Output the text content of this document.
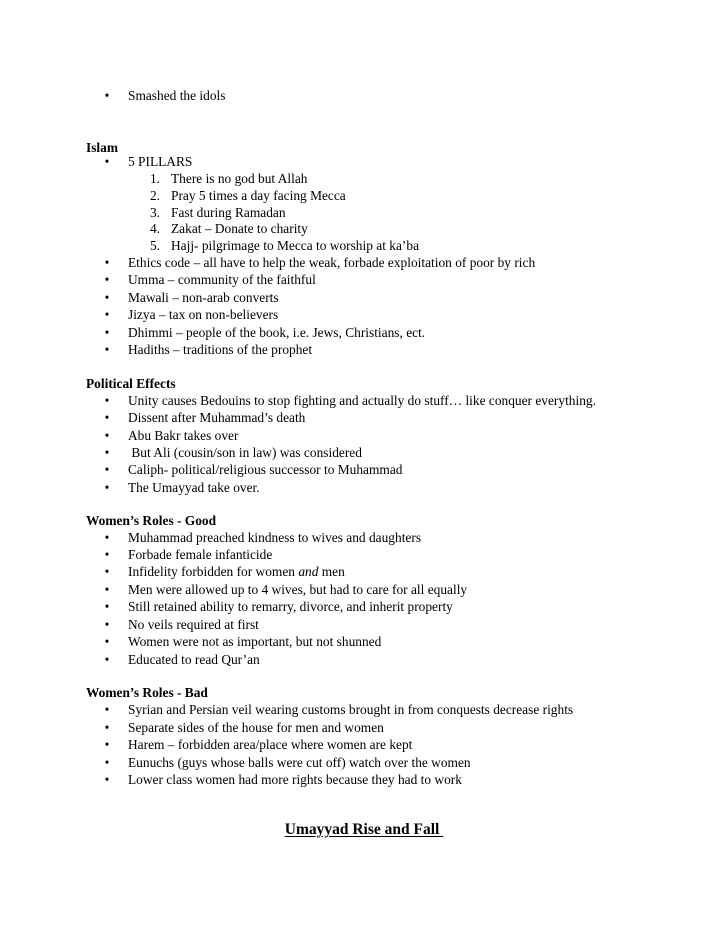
• Smashed the idols
Islam
• 5 PILLARS
1. There is no god but Allah
2. Pray 5 times a day facing Mecca
3. Fast during Ramadan
4. Zakat – Donate to charity
5. Hajj- pilgrimage to Mecca to worship at ka’ba
• Ethics code – all have to help the weak, forbade exploitation of poor by rich
• Umma – community of the faithful
• Mawali – non-arab converts
• Jizya – tax on non-believers
• Dhimmi – people of the book, i.e. Jews, Christians, ect.
• Hadiths – traditions of the prophet
Political Effects
• Unity causes Bedouins to stop fighting and actually do stuff… like conquer everything.
• Dissent after Muhammad’s death
• Abu Bakr takes over
• But Ali (cousin/son in law) was considered
• Caliph- political/religious successor to Muhammad
• The Umayyad take over.
Women’s Roles - Good
• Muhammad preached kindness to wives and daughters
• Forbade female infanticide
• Infidelity forbidden for women and men
• Men were allowed up to 4 wives, but had to care for all equally
• Still retained ability to remarry, divorce, and inherit property
• No veils required at first
• Women were not as important, but not shunned
• Educated to read Qur’an
Women’s Roles - Bad
• Syrian and Persian veil wearing customs brought in from conquests decrease rights
• Separate sides of the house for men and women
• Harem – forbidden area/place where women are kept
• Eunuchs (guys whose balls were cut off) watch over the women
• Lower class women had more rights because they had to work
Umayyad Rise and Fall
